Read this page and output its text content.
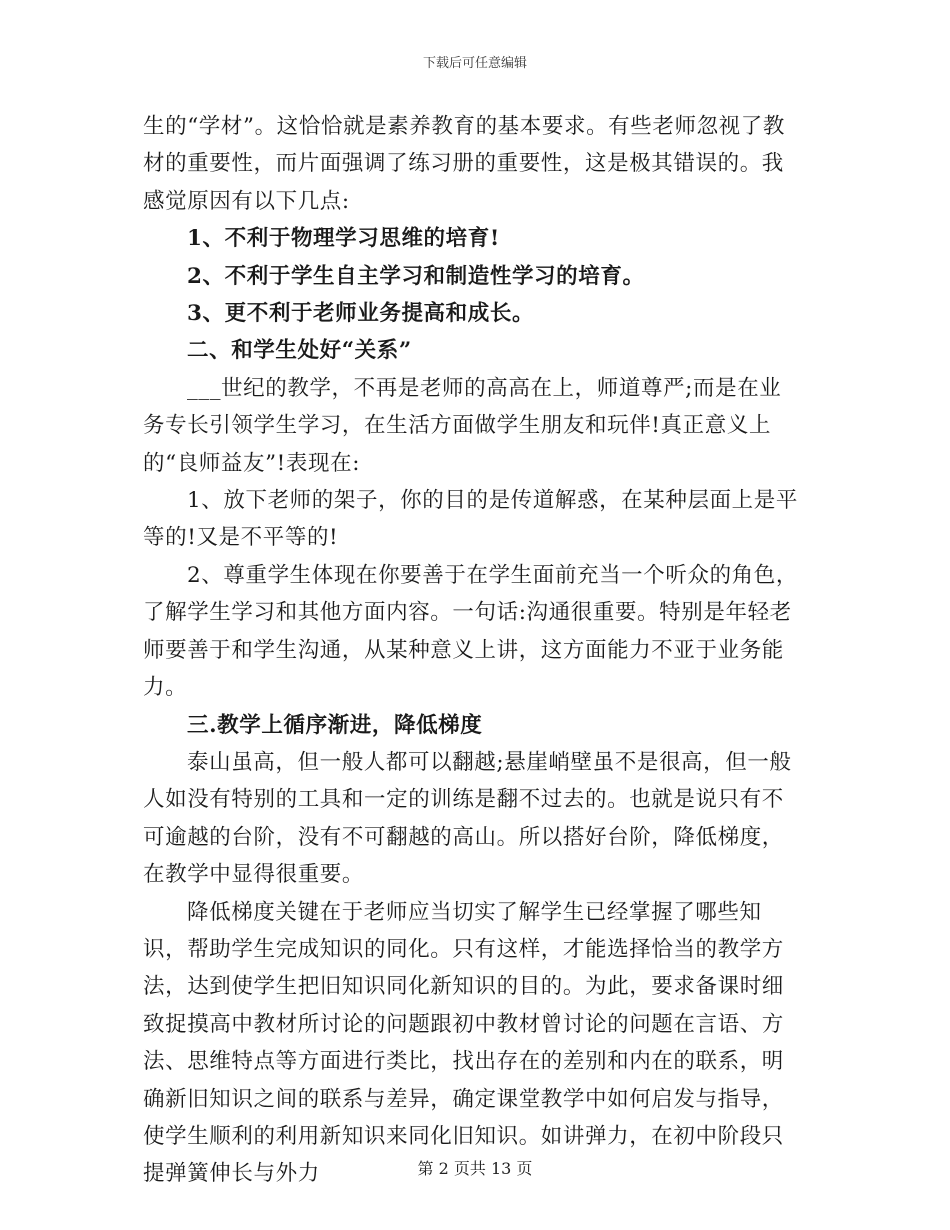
下载后可任意编辑

生的“学材”。这恰恰就是素养教育的基本要求。有些老师忽视了教材的重要性，而片面强调了练习册的重要性，这是极其错误的。我感觉原因有以下几点:

1、不利于物理学习思维的培育!

2、不利于学生自主学习和制造性学习的培育。

3、更不利于老师业务提高和成长。

二、和学生处好“关系”

___世纪的教学，不再是老师的高高在上，师道尊严;而是在业务专长引领学生学习，在生活方面做学生朋友和玩伴!真正意义上的“良师益友”!表现在:

1、放下老师的架子，你的目的是传道解惑，在某种层面上是平等的!又是不平等的!

2、尊重学生体现在你要善于在学生面前充当一个听众的角色，了解学生学习和其他方面内容。一句话:沟通很重要。特别是年轻老师要善于和学生沟通，从某种意义上讲，这方面能力不亚于业务能力。

三.教学上循序渐进，降低梯度

泰山虽高，但一般人都可以翻越;悬崖峭壁虽不是很高，但一般人如没有特别的工具和一定的训练是翻不过去的。也就是说只有不可逾越的台阶，没有不可翻越的高山。所以搭好台阶，降低梯度，在教学中显得很重要。

降低梯度关键在于老师应当切实了解学生已经掌握了哪些知识，帮助学生完成知识的同化。只有这样，才能选择恰当的教学方法，达到使学生把旧知识同化新知识的目的。为此，要求备课时细致捉摸高中教材所讨论的问题跟初中教材曾讨论的问题在言语、方法、思维特点等方面进行类比，找出存在的差别和内在的联系，明确新旧知识之间的联系与差异，确定课堂教学中如何启发与指导，使学生顺利的利用新知识来同化旧知识。如讲弹力，在初中阶段只提弹簧伸长与外力	第 2 页共 13 页
